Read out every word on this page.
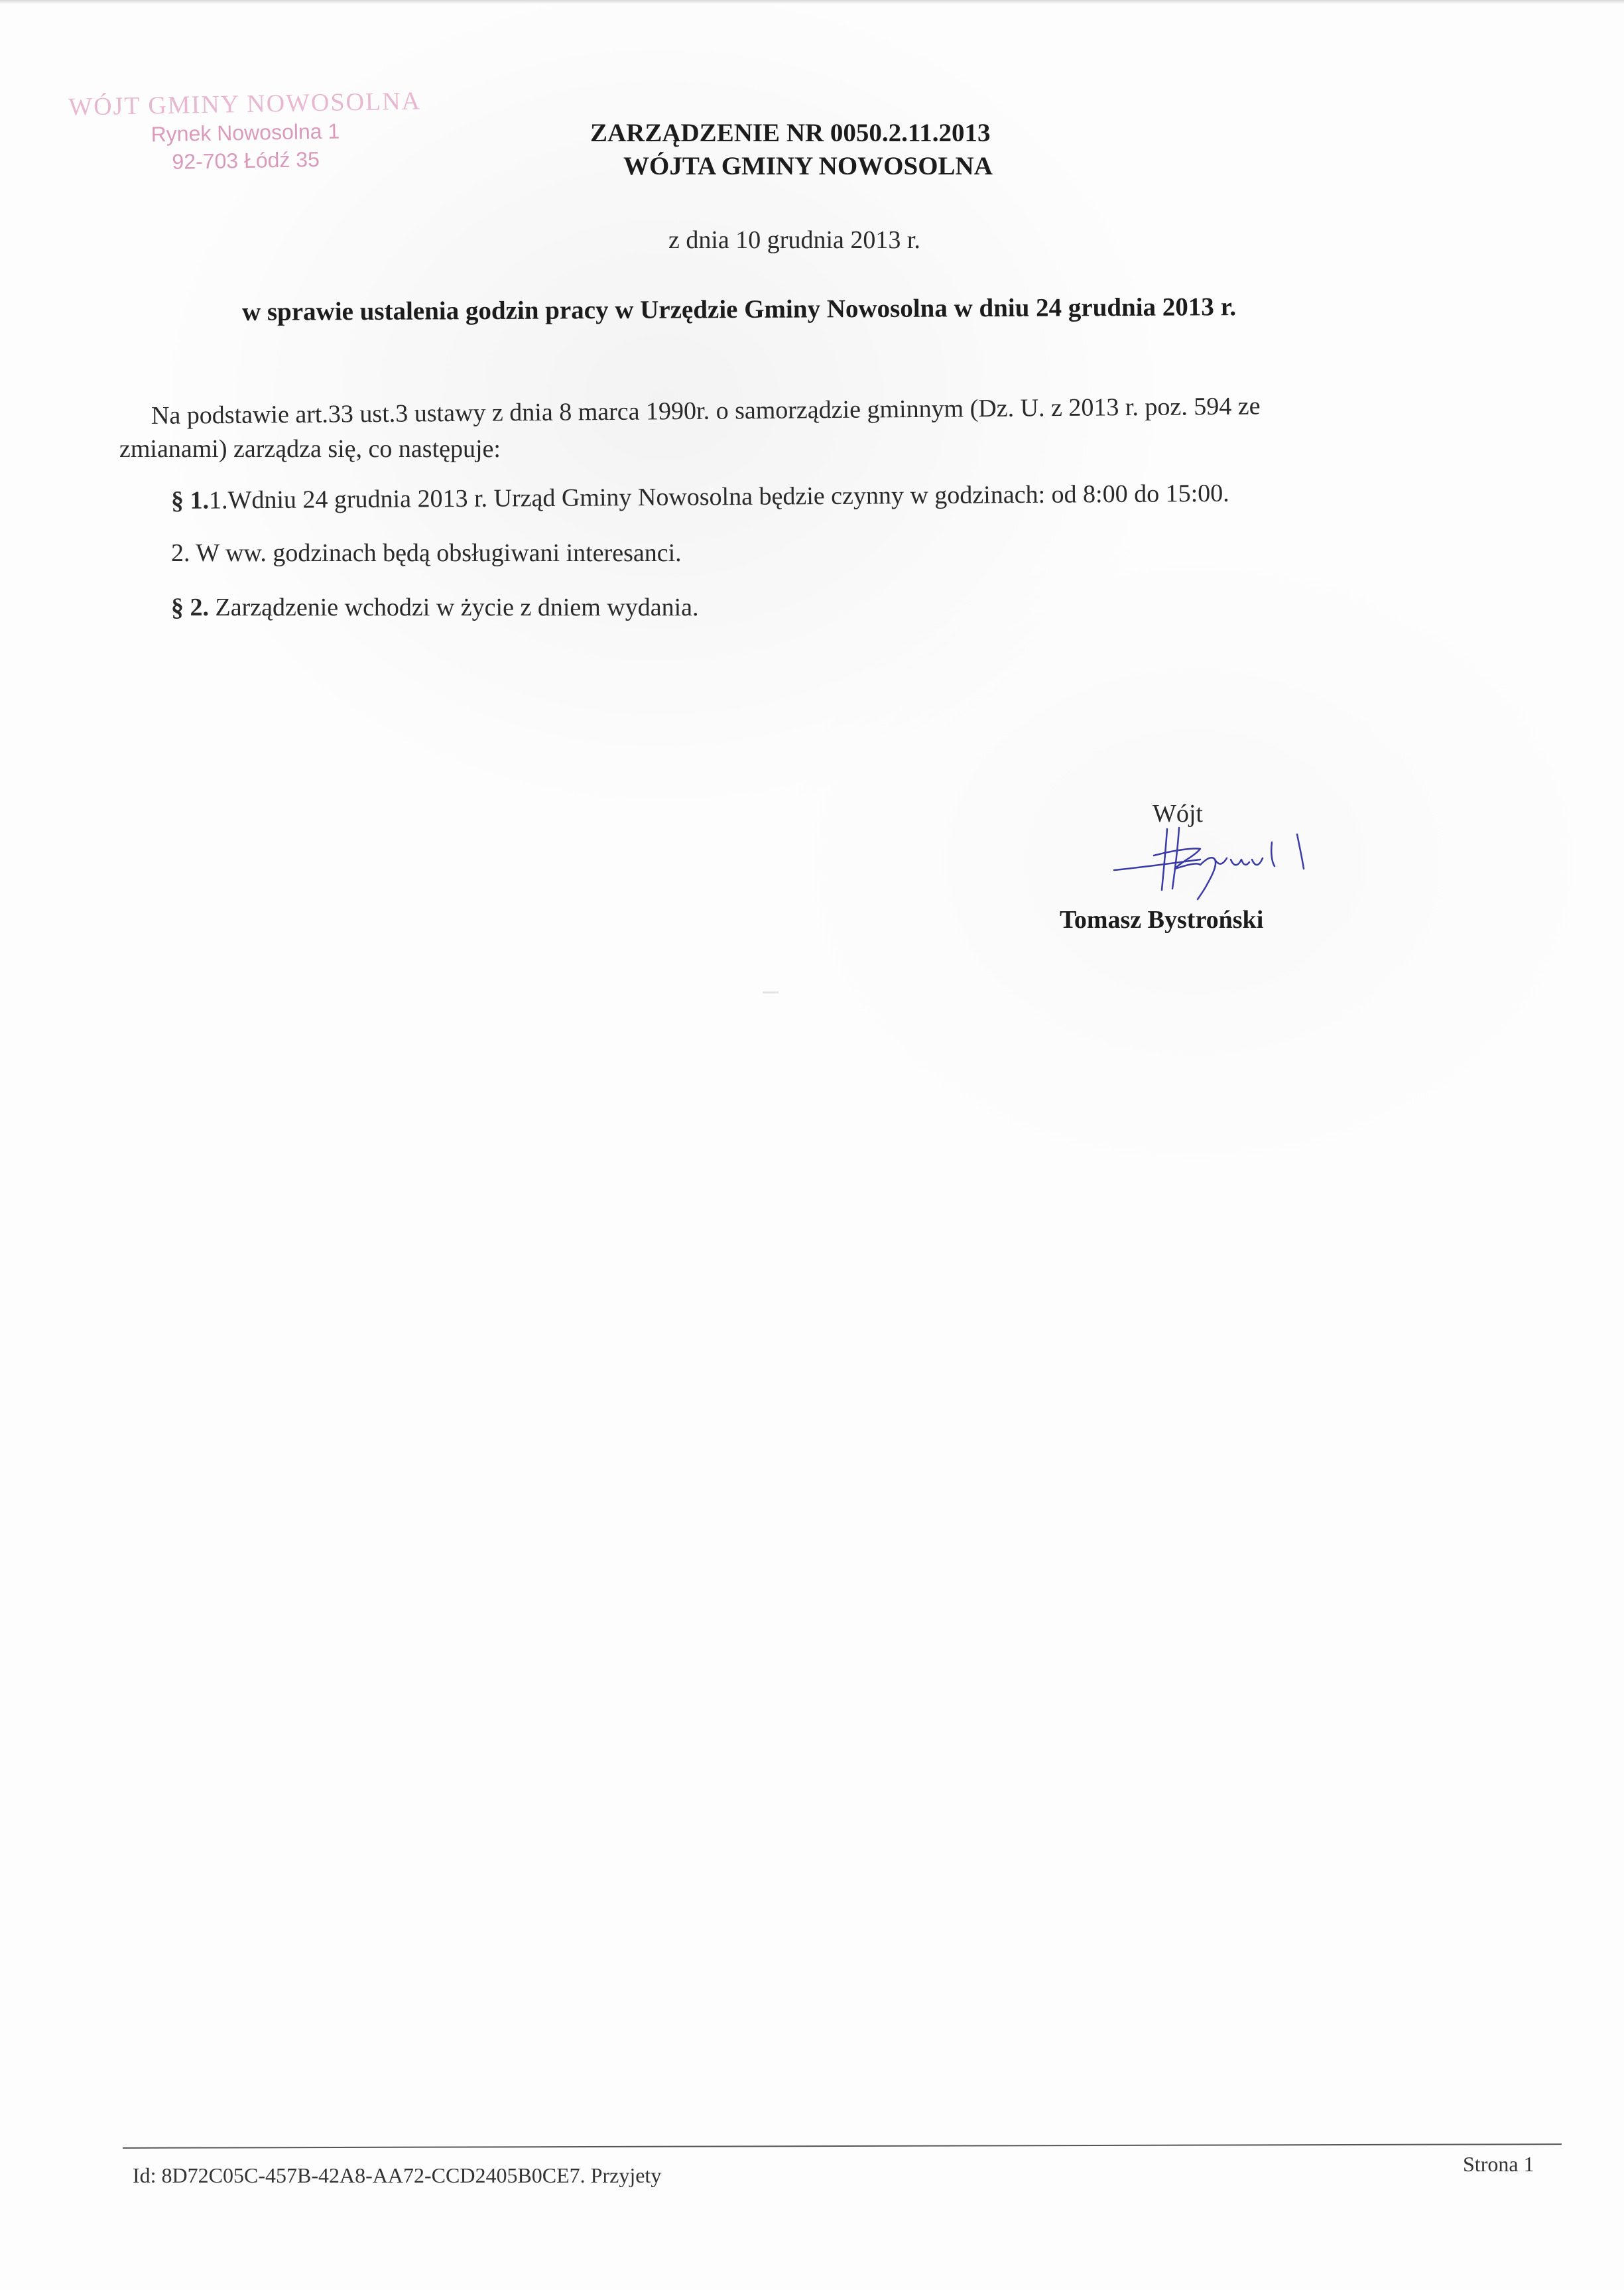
WÓJT GMINY NOWOSOLNA
Rynek Nowosolna 1
92-703 Łódź 35
ZARZĄDZENIE NR 0050.2.11.2013
WÓJTA GMINY NOWOSOLNA
z dnia 10 grudnia 2013 r.
w sprawie ustalenia godzin pracy w Urzędzie Gminy Nowosolna w dniu 24 grudnia 2013 r.
Na podstawie art.33 ust.3 ustawy z dnia 8 marca 1990r. o samorządzie gminnym (Dz. U. z 2013 r. poz. 594 ze
zmianami) zarządza się, co następuje:
§ 1.1.Wdniu 24 grudnia 2013 r. Urząd Gminy Nowosolna będzie czynny w godzinach: od 8:00 do 15:00.
2. W ww. godzinach będą obsługiwani interesanci.
§ 2. Zarządzenie wchodzi w życie z dniem wydania.
Wójt
Tomasz Bystroński
Id: 8D72C05C-457B-42A8-AA72-CCD2405B0CE7. Przyjety	Strona 1
